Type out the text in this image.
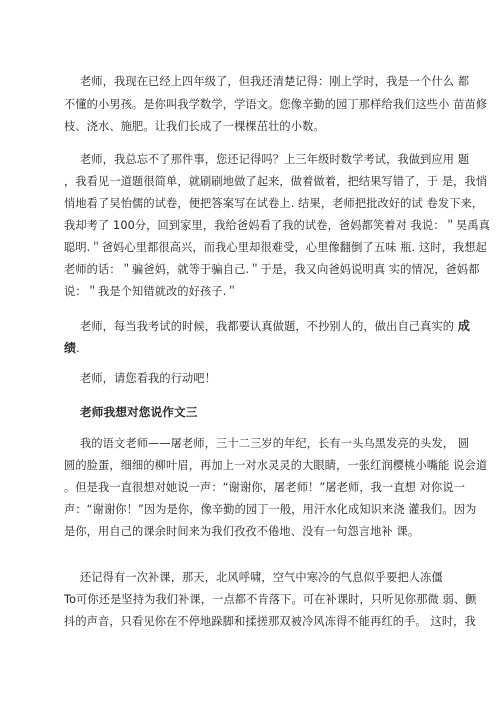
老师，我现在已经上四年级了，但我还清楚记得：刚上学时，我是一个什么 都
不懂的小男孩。是你叫我学数学，学语文。您像辛勤的园丁那样给我们这些小 苗苗修
枝、浇水、施肥。让我们长成了一棵棵茁壮的小数。
老师，我总忘不了那件事，您还记得吗？上三年级时数学考试，我做到应用 题
，我看见一道题很简单，就刷刷地做了起来，做着做着，把结果写错了，于 是，我悄
悄地看了旲怡儒的试卷，便把答案写在试卷上. 结果，老师把批改好的试 卷发下来，
我却考了 100分，回到家里，我给爸妈看了我的试卷，爸妈都笑着对 我说：＂昊禹真
聪明.＂爸妈心里都很高兴，而我心里却很难受，心里像翻倒了五味 瓶. 这时，我想起
老师的话：＂骗爸妈，就等于骗自己.＂于是，我又向爸妈说明真 实的情况，爸妈都
说：＂我是个知错就改的好孩子.＂
老师，每当我考试的时候，我都要认真做题，不抄别人的，做出自己真实的 成
绩.
老师，请您看我的行动吧！
老师我想对您说作文三
我的语文老师——屠老师，三十二三岁的年纪，长有一头乌黑发亮的头发， 圆
圆的脸蛋，细细的柳叶眉，再加上一对水灵灵的大眼睛，一张红润樱桃小嘴能 说会道
。但是我一直很想对她说一声：“谢谢你，屠老师！”屠老师，我一直想 对你说一
声：“谢谢你！”因为是你，像辛勤的园丁一般，用汗水化成知识来浇 灌我们。因为
是你，用自己的课余时间来为我们孜孜不倦地、没有一句怨言地补 课。
还记得有一次补课，那天，北风呼啸，空气中寒冷的气息似乎要把人冻僵
To可你还是坚持为我们补课，一点都不肯落下。可在补课时，只听见你那微 弱、颤
抖的声音，只看见你在不停地跺脚和揉搓那双被冷风冻得不能再红的手。 这时，我
